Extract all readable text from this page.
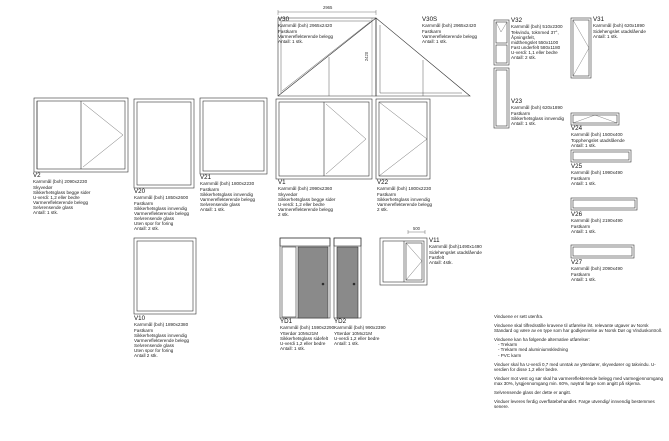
2965
2420
500
V2
Karmmål (bxh) 2090x2230
Skyvedør
Sikkerhetsglass begge sider
U-verdi: 1,2 eller bedre
Varmereflekterende belegg
Selvrensende glass
Antall: 1 stk.
V20
Karmmål (bxh) 1850x2600
Fastkarm
Sikkerhetsglass innvendig
Varmereflekterende belegg
Selvrensende glass
Uten spor for foring
Antall: 2 stk.
V21
Karmmål (bxh) 1800x2230
Fastkarm
Sikkerhetsglass innvendig
Varmereflekterende belegg
Selvrensende glass
Antall: 1 stk.
V30
Karmmål (bxh) 2965x2420
Fastkarm
Varmereflekterende belegg
Antall: 1 stk.
V30S
Karmmål (bxh) 2965x2420
Fastkarm
Varmereflekterende belegg
Antall: 1 stk.
V1
Karmmål (bxh) 2990x2360
Skyvedør
Sikkerhetsglass begge sider
U-verdi: 1,2 eller bedre
Varmereflekterende belegg
2 stk.
V22
Karmmål (bxh) 1800x2230
Fastkarm
Sikkerhetsglass innvendig
Varmereflekterende belegg
2 stk.
V10
Karmmål (bxh) 1890x2380
Fastkarm
Sikkerhetsglass innvendig
Varmereflekterende belegg
Selvrensende glass
Uten spor for foring
Antall 2 stk.
YD1
Karmmål (bxh) 1590x2290
Ytterdør 10Mx21M
Sikkerhetsglass sidefelt
U-verdi 1,2 eller bedre
Antall: 1 stk.
YD2
Karmmål (bxh) 990x2390
Ytterdør 10Mx21M
U-verdi 1,2 eller bedre
Antall: 1 stk.
V11
Karmmål (bxh)1490x1490
Sidehengslet utadslående
Fastfelt
Antall: 4stk.
V32
Karmmål (bxh) 510x2300
Tekvindu, toknmed 37°,
Åpningsfelt,
midthengslet 550x1100
Fast underfelt 580x1180
U-verdi: 1,1 eller bedre
Antall: 2 stk.
V31
Karmmål (bxh) 620x1890
Sidehengslet utadslående
Antall: 1 stk.
V23
Karmmål (bxh) 620x1890
Fastkarm
Sikkerhetsglass innvendig
Antall: 1 stk.
V24
Karmmål (bxh) 1500x400
Topphengslet utadslående
Antall: 1 stk.
V25
Karmmål (bxh) 1990x490
Fastkarm
Antall: 1 stk.
V26
Karmmål (bxh) 2190x490
Fastkarm
Antall: 1 stk.
V27
Karmmål (bxh) 2090x490
Fastkarm
Antall: 1 stk.

Vinduene er sett utenfra.

Vinduene skal tilfredsstille kravene til utførelse iht. relevante utgaver av Norsk Standard og være av en type som har godkjennelse av Norsk Dør og Vinduskontroll.

Vinduene kan ha følgende alternative utførelser:
- Trekarm
- Trekarm med aluminiumskledning
- PVC karm

Vinduer skal ha U-verdi 0,7 med unntak av ytterdører, skyvedører og takvindu. U-verdien for disse 1,2 eller bedre.

Vinduer mot vest og sør skal ha varmereflekterende belegg med varmegjennomgang max 30%, lysgjennomgang min. 60%, nøytral farge som angitt på skjema.

Selvrensende glass der dette er angitt.

Vinduer leveres ferdig overflatebehandlet. Farge utvendig/ innvendig bestemmes senere.
